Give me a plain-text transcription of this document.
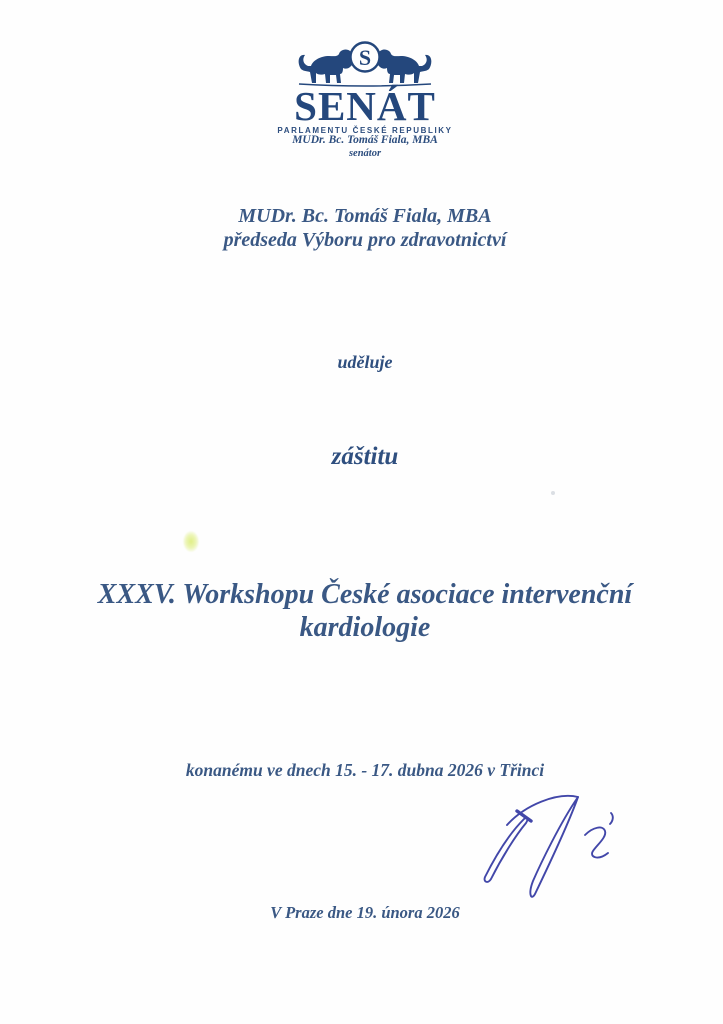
S
SENÁT
PARLAMENTU ČESKÉ REPUBLIKY
MUDr. Bc. Tomáš Fiala, MBA
senátor
MUDr. Bc. Tomáš Fiala, MBA
předseda Výboru pro zdravotnictví
uděluje
záštitu
XXXV. Workshopu České asociace intervenční
kardiologie
konanému ve dnech 15. - 17. dubna 2026 v Třinci
V Praze dne 19. února 2026
